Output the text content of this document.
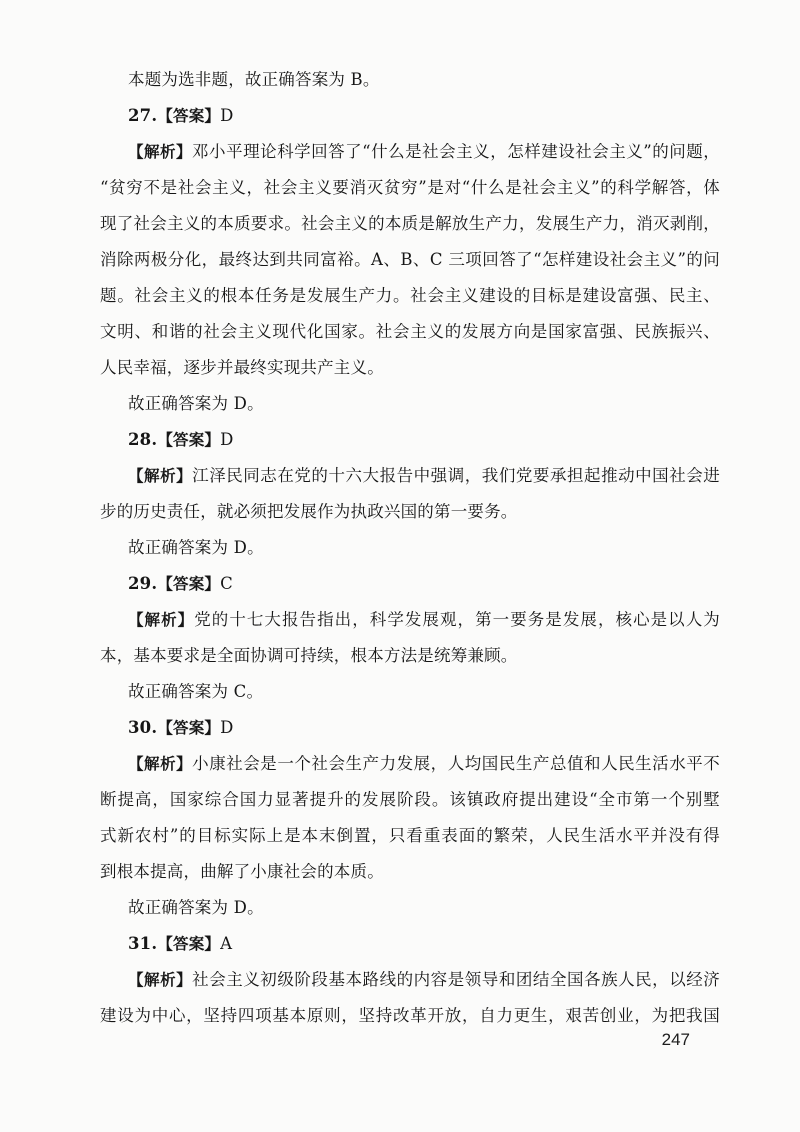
本题为选非题，故正确答案为 B。
27.【答案】D
【解析】邓小平理论科学回答了“什么是社会主义，怎样建设社会主义”的问题，
“贫穷不是社会主义，社会主义要消灭贫穷”是对“什么是社会主义”的科学解答，体
现了社会主义的本质要求。社会主义的本质是解放生产力，发展生产力，消灭剥削，
消除两极分化，最终达到共同富裕。A、B、C 三项回答了“怎样建设社会主义”的问
题。社会主义的根本任务是发展生产力。社会主义建设的目标是建设富强、民主、
文明、和谐的社会主义现代化国家。社会主义的发展方向是国家富强、民族振兴、
人民幸福，逐步并最终实现共产主义。
故正确答案为 D。
28.【答案】D
【解析】江泽民同志在党的十六大报告中强调，我们党要承担起推动中国社会进
步的历史责任，就必须把发展作为执政兴国的第一要务。
故正确答案为 D。
29.【答案】C
【解析】党的十七大报告指出，科学发展观，第一要务是发展，核心是以人为
本，基本要求是全面协调可持续，根本方法是统筹兼顾。
故正确答案为 C。
30.【答案】D
【解析】小康社会是一个社会生产力发展，人均国民生产总值和人民生活水平不
断提高，国家综合国力显著提升的发展阶段。该镇政府提出建设“全市第一个别墅
式新农村”的目标实际上是本末倒置，只看重表面的繁荣，人民生活水平并没有得
到根本提高，曲解了小康社会的本质。
故正确答案为 D。
31.【答案】A
【解析】社会主义初级阶段基本路线的内容是领导和团结全国各族人民，以经济
建设为中心，坚持四项基本原则，坚持改革开放，自力更生，艰苦创业，为把我国
247
